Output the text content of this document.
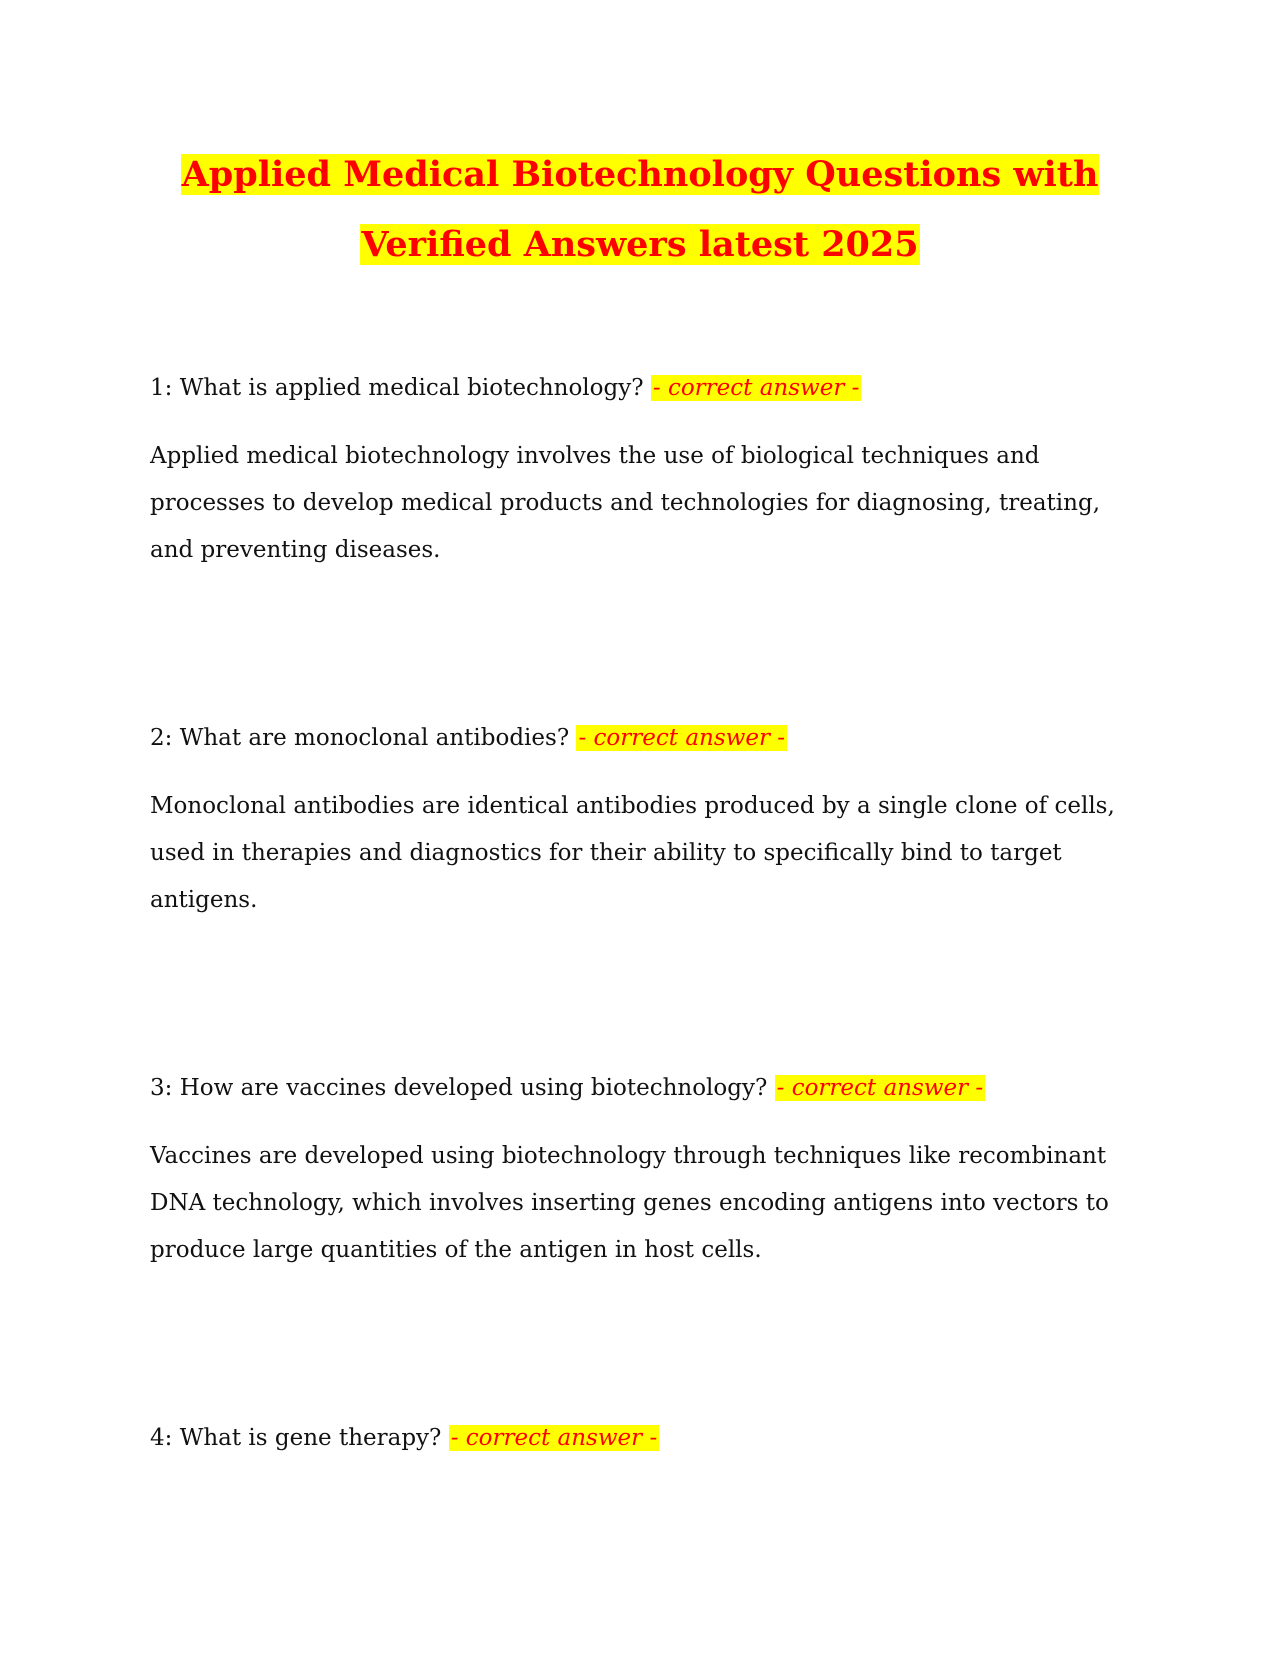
Applied Medical Biotechnology Questions with
Verified Answers latest 2025

1: What is applied medical biotechnology? - correct answer -

Applied medical biotechnology involves the use of biological techniques and processes to develop medical products and technologies for diagnosing, treating, and preventing diseases.

2: What are monoclonal antibodies? - correct answer -

Monoclonal antibodies are identical antibodies produced by a single clone of cells, used in therapies and diagnostics for their ability to specifically bind to target antigens.

3: How are vaccines developed using biotechnology? - correct answer -

Vaccines are developed using biotechnology through techniques like recombinant DNA technology, which involves inserting genes encoding antigens into vectors to produce large quantities of the antigen in host cells.

4: What is gene therapy? - correct answer -
